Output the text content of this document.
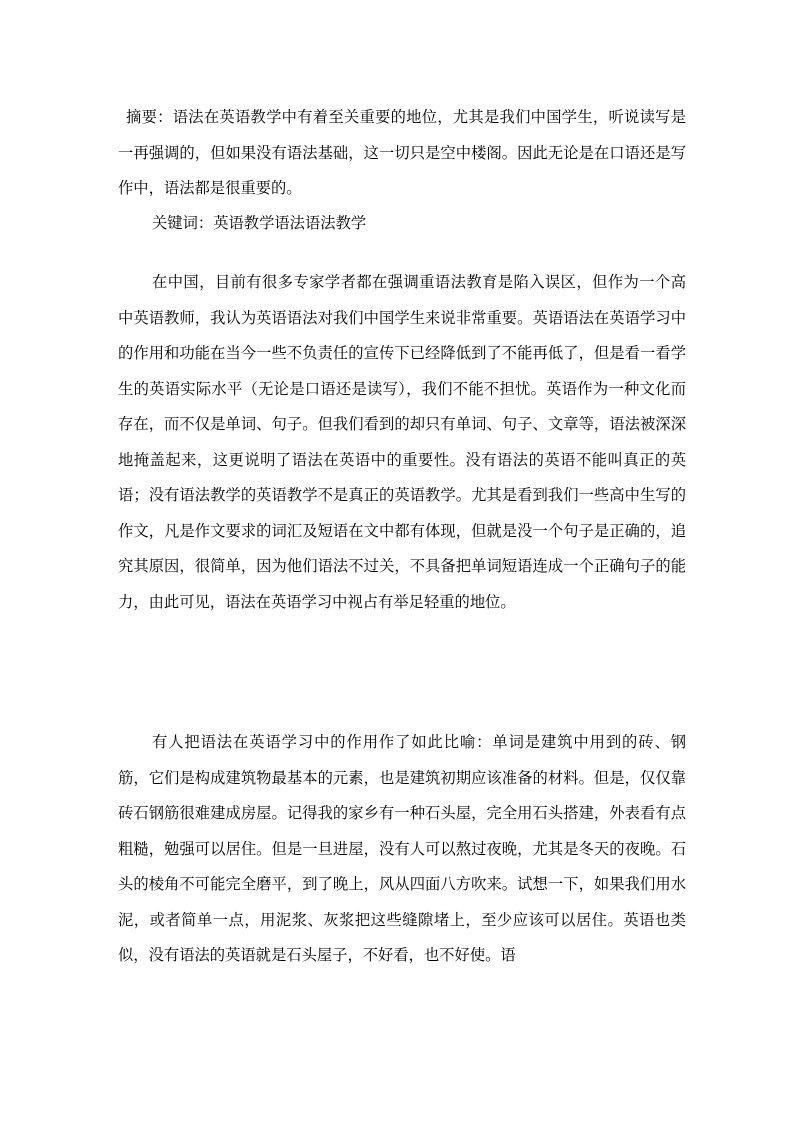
摘要：语法在英语教学中有着至关重要的地位，尤其是我们中国学生，听说读写是一再强调的，但如果没有语法基础，这一切只是空中楼阁。因此无论是在口语还是写作中，语法都是很重要的。

关键词：英语教学语法语法教学

在中国，目前有很多专家学者都在强调重语法教育是陷入误区，但作为一个高中英语教师，我认为英语语法对我们中国学生来说非常重要。英语语法在英语学习中的作用和功能在当今一些不负责任的宣传下已经降低到了不能再低了，但是看一看学生的英语实际水平（无论是口语还是读写），我们不能不担忧。英语作为一种文化而存在，而不仅是单词、句子。但我们看到的却只有单词、句子、文章等，语法被深深地掩盖起来，这更说明了语法在英语中的重要性。没有语法的英语不能叫真正的英语；没有语法教学的英语教学不是真正的英语教学。尤其是看到我们一些高中生写的作文，凡是作文要求的词汇及短语在文中都有体现，但就是没一个句子是正确的，追究其原因，很简单，因为他们语法不过关，不具备把单词短语连成一个正确句子的能力，由此可见，语法在英语学习中视占有举足轻重的地位。

有人把语法在英语学习中的作用作了如此比喻：单词是建筑中用到的砖、钢筋，它们是构成建筑物最基本的元素，也是建筑初期应该准备的材料。但是，仅仅靠砖石钢筋很难建成房屋。记得我的家乡有一种石头屋，完全用石头搭建，外表看有点粗糙，勉强可以居住。但是一旦进屋，没有人可以熬过夜晚，尤其是冬天的夜晚。石头的棱角不可能完全磨平，到了晚上，风从四面八方吹来。试想一下，如果我们用水泥，或者简单一点，用泥浆、灰浆把这些缝隙堵上，至少应该可以居住。英语也类似，没有语法的英语就是石头屋子，不好看，也不好使。语
